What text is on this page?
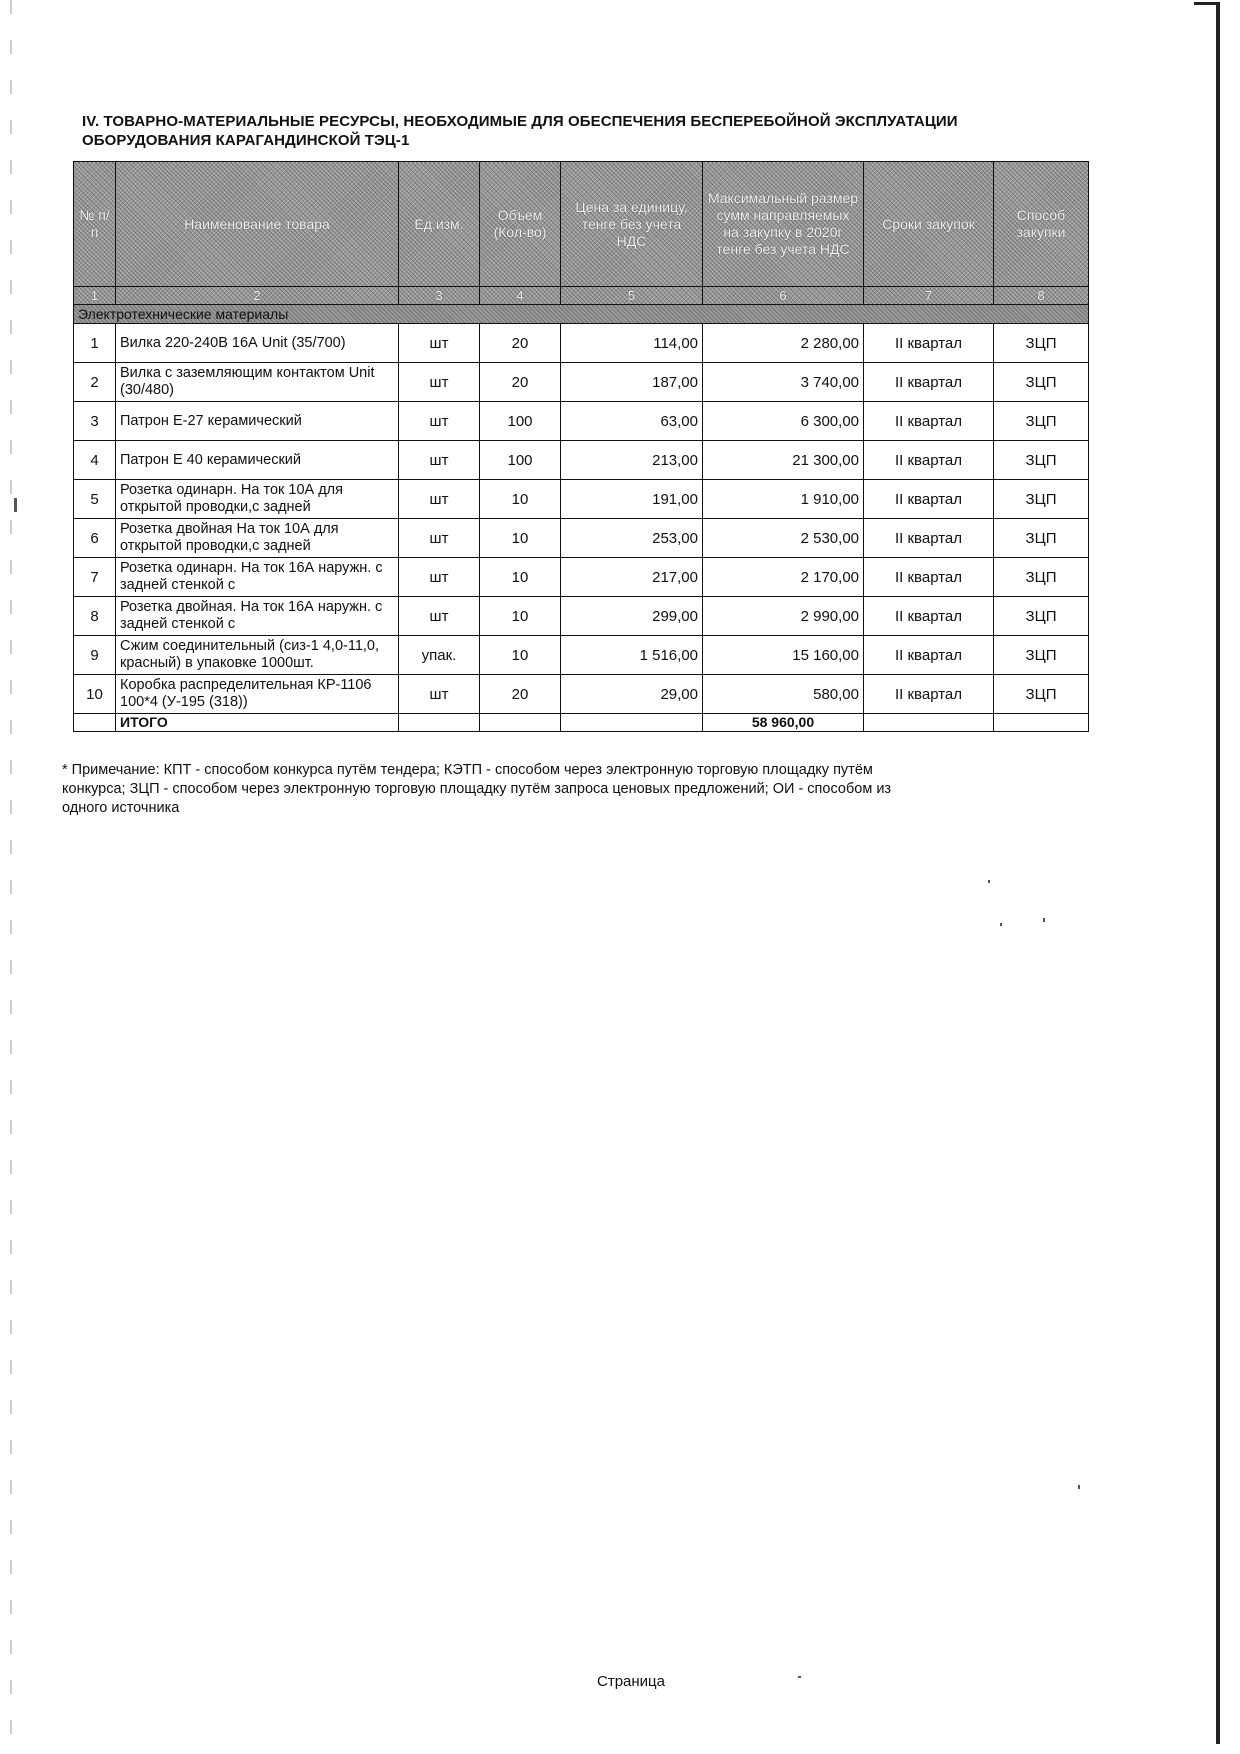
IV. ТОВАРНО-МАТЕРИАЛЬНЫЕ РЕСУРСЫ, НЕОБХОДИМЫЕ ДЛЯ ОБЕСПЕЧЕНИЯ БЕСПЕРЕБОЙНОЙ ЭКСПЛУАТАЦИИ
ОБОРУДОВАНИЯ КАРАГАНДИНСКОЙ ТЭЦ-1
№ п/п	Наименование товара	Ед.изм.	Объем (Кол-во)	Цена за единицу, тенге без учета НДС	Максимальный размер сумм направляемых на закупку в 2020г тенге без учета НДС	Сроки закупок	Способ закупки
1	2	3	4	5	6	7	8
Электротехнические материалы							
1	Вилка 220-240В 16А Unit (35/700)	шт	20	114,00	2 280,00	II квартал	ЗЦП
2	Вилка с заземляющим контактом Unit (30/480)	шт	20	187,00	3 740,00	II квартал	ЗЦП
3	Патрон Е-27 керамический	шт	100	63,00	6 300,00	II квартал	ЗЦП
4	Патрон Е 40 керамический	шт	100	213,00	21 300,00	II квартал	ЗЦП
5	Розетка одинарн. На ток 10А для открытой проводки,с задней	шт	10	191,00	1 910,00	II квартал	ЗЦП
6	Розетка двойная На ток 10А для открытой проводки,с задней	шт	10	253,00	2 530,00	II квартал	ЗЦП
7	Розетка одинарн. На ток 16А наружн. с задней стенкой с	шт	10	217,00	2 170,00	II квартал	ЗЦП
8	Розетка двойная. На ток 16А наружн. с задней стенкой с	шт	10	299,00	2 990,00	II квартал	ЗЦП
9	Сжим соединительный (сиз-1 4,0-11,0, красный) в упаковке 1000шт.	упак.	10	1 516,00	15 160,00	II квартал	ЗЦП
10	Коробка распределительная КР-1106 100*4 (У-195 (318))	шт	20	29,00	580,00	II квартал	ЗЦП
	ИТОГО				58 960,00		
* Примечание: КПТ - способом конкурса путём тендера; КЭТП - способом через электронную торговую площадку путём
конкурса; ЗЦП - способом через электронную торговую площадку путём запроса ценовых предложений; ОИ - способом из
одного источника
Страница
